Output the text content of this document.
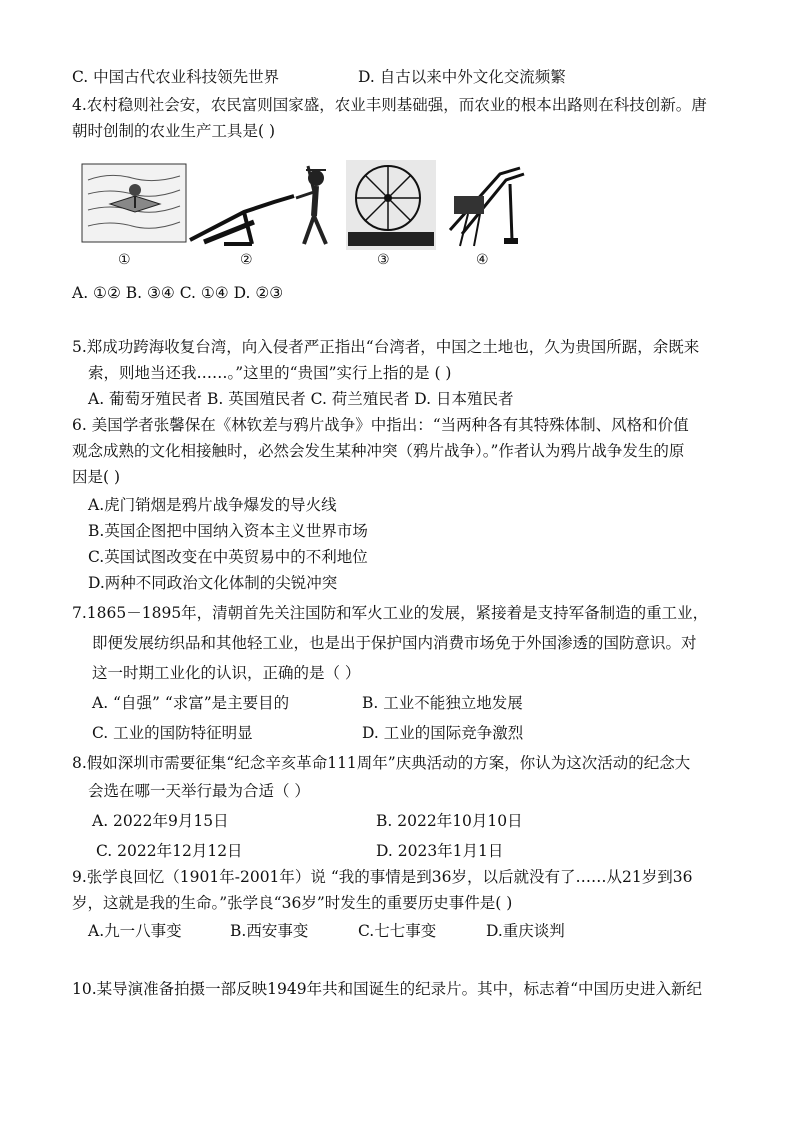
C. 中国古代农业科技领先世界	D. 自古以来中外文化交流频繁
4.农村稳则社会安，农民富则国家盛，农业丰则基础强，而农业的根本出路则在科技创新。唐
朝时创制的农业生产工具是( )
①	②	③	④
A. ①② B. ③④ C. ①④ D. ②③
5.郑成功跨海收复台湾，向入侵者严正指出“台湾者，中国之土地也，久为贵国所踞，余既来
索，则地当还我……。”这里的“贵国”实行上指的是 ( )
A. 葡萄牙殖民者 B. 英国殖民者 C. 荷兰殖民者 D. 日本殖民者
6. 美国学者张馨保在《林钦差与鸦片战争》中指出：“当两种各有其特殊体制、风格和价值
观念成熟的文化相接触时，必然会发生某种冲突（鸦片战争）。”作者认为鸦片战争发生的原
因是( )
A.虎门销烟是鸦片战争爆发的导火线
B.英国企图把中国纳入资本主义世界市场
C.英国试图改变在中英贸易中的不利地位
D.两种不同政治文化体制的尖锐冲突
7.1865－1895年，清朝首先关注国防和军火工业的发展，紧接着是支持军备制造的重工业，
即便发展纺织品和其他轻工业，也是出于保护国内消费市场免于外国渗透的国防意识。对
这一时期工业化的认识，正确的是（ ）
A. “自强” “求富”是主要目的	B. 工业不能独立地发展
C. 工业的国防特征明显	D. 工业的国际竞争激烈
8.假如深圳市需要征集“纪念辛亥革命111周年”庆典活动的方案，你认为这次活动的纪念大
会选在哪一天举行最为合适（ ）
A. 2022年9月15日	B. 2022年10月10日
C. 2022年12月12日	D. 2023年1月1日
9.张学良回忆（1901年-2001年）说 “我的事情是到36岁，以后就没有了……从21岁到36
岁，这就是我的生命。”张学良“36岁”时发生的重要历史事件是( )
A.九一八事变	B.西安事变	C.七七事变	D.重庆谈判
10.某导演准备拍摄一部反映1949年共和国诞生的纪录片。其中，标志着“中国历史进入新纪
